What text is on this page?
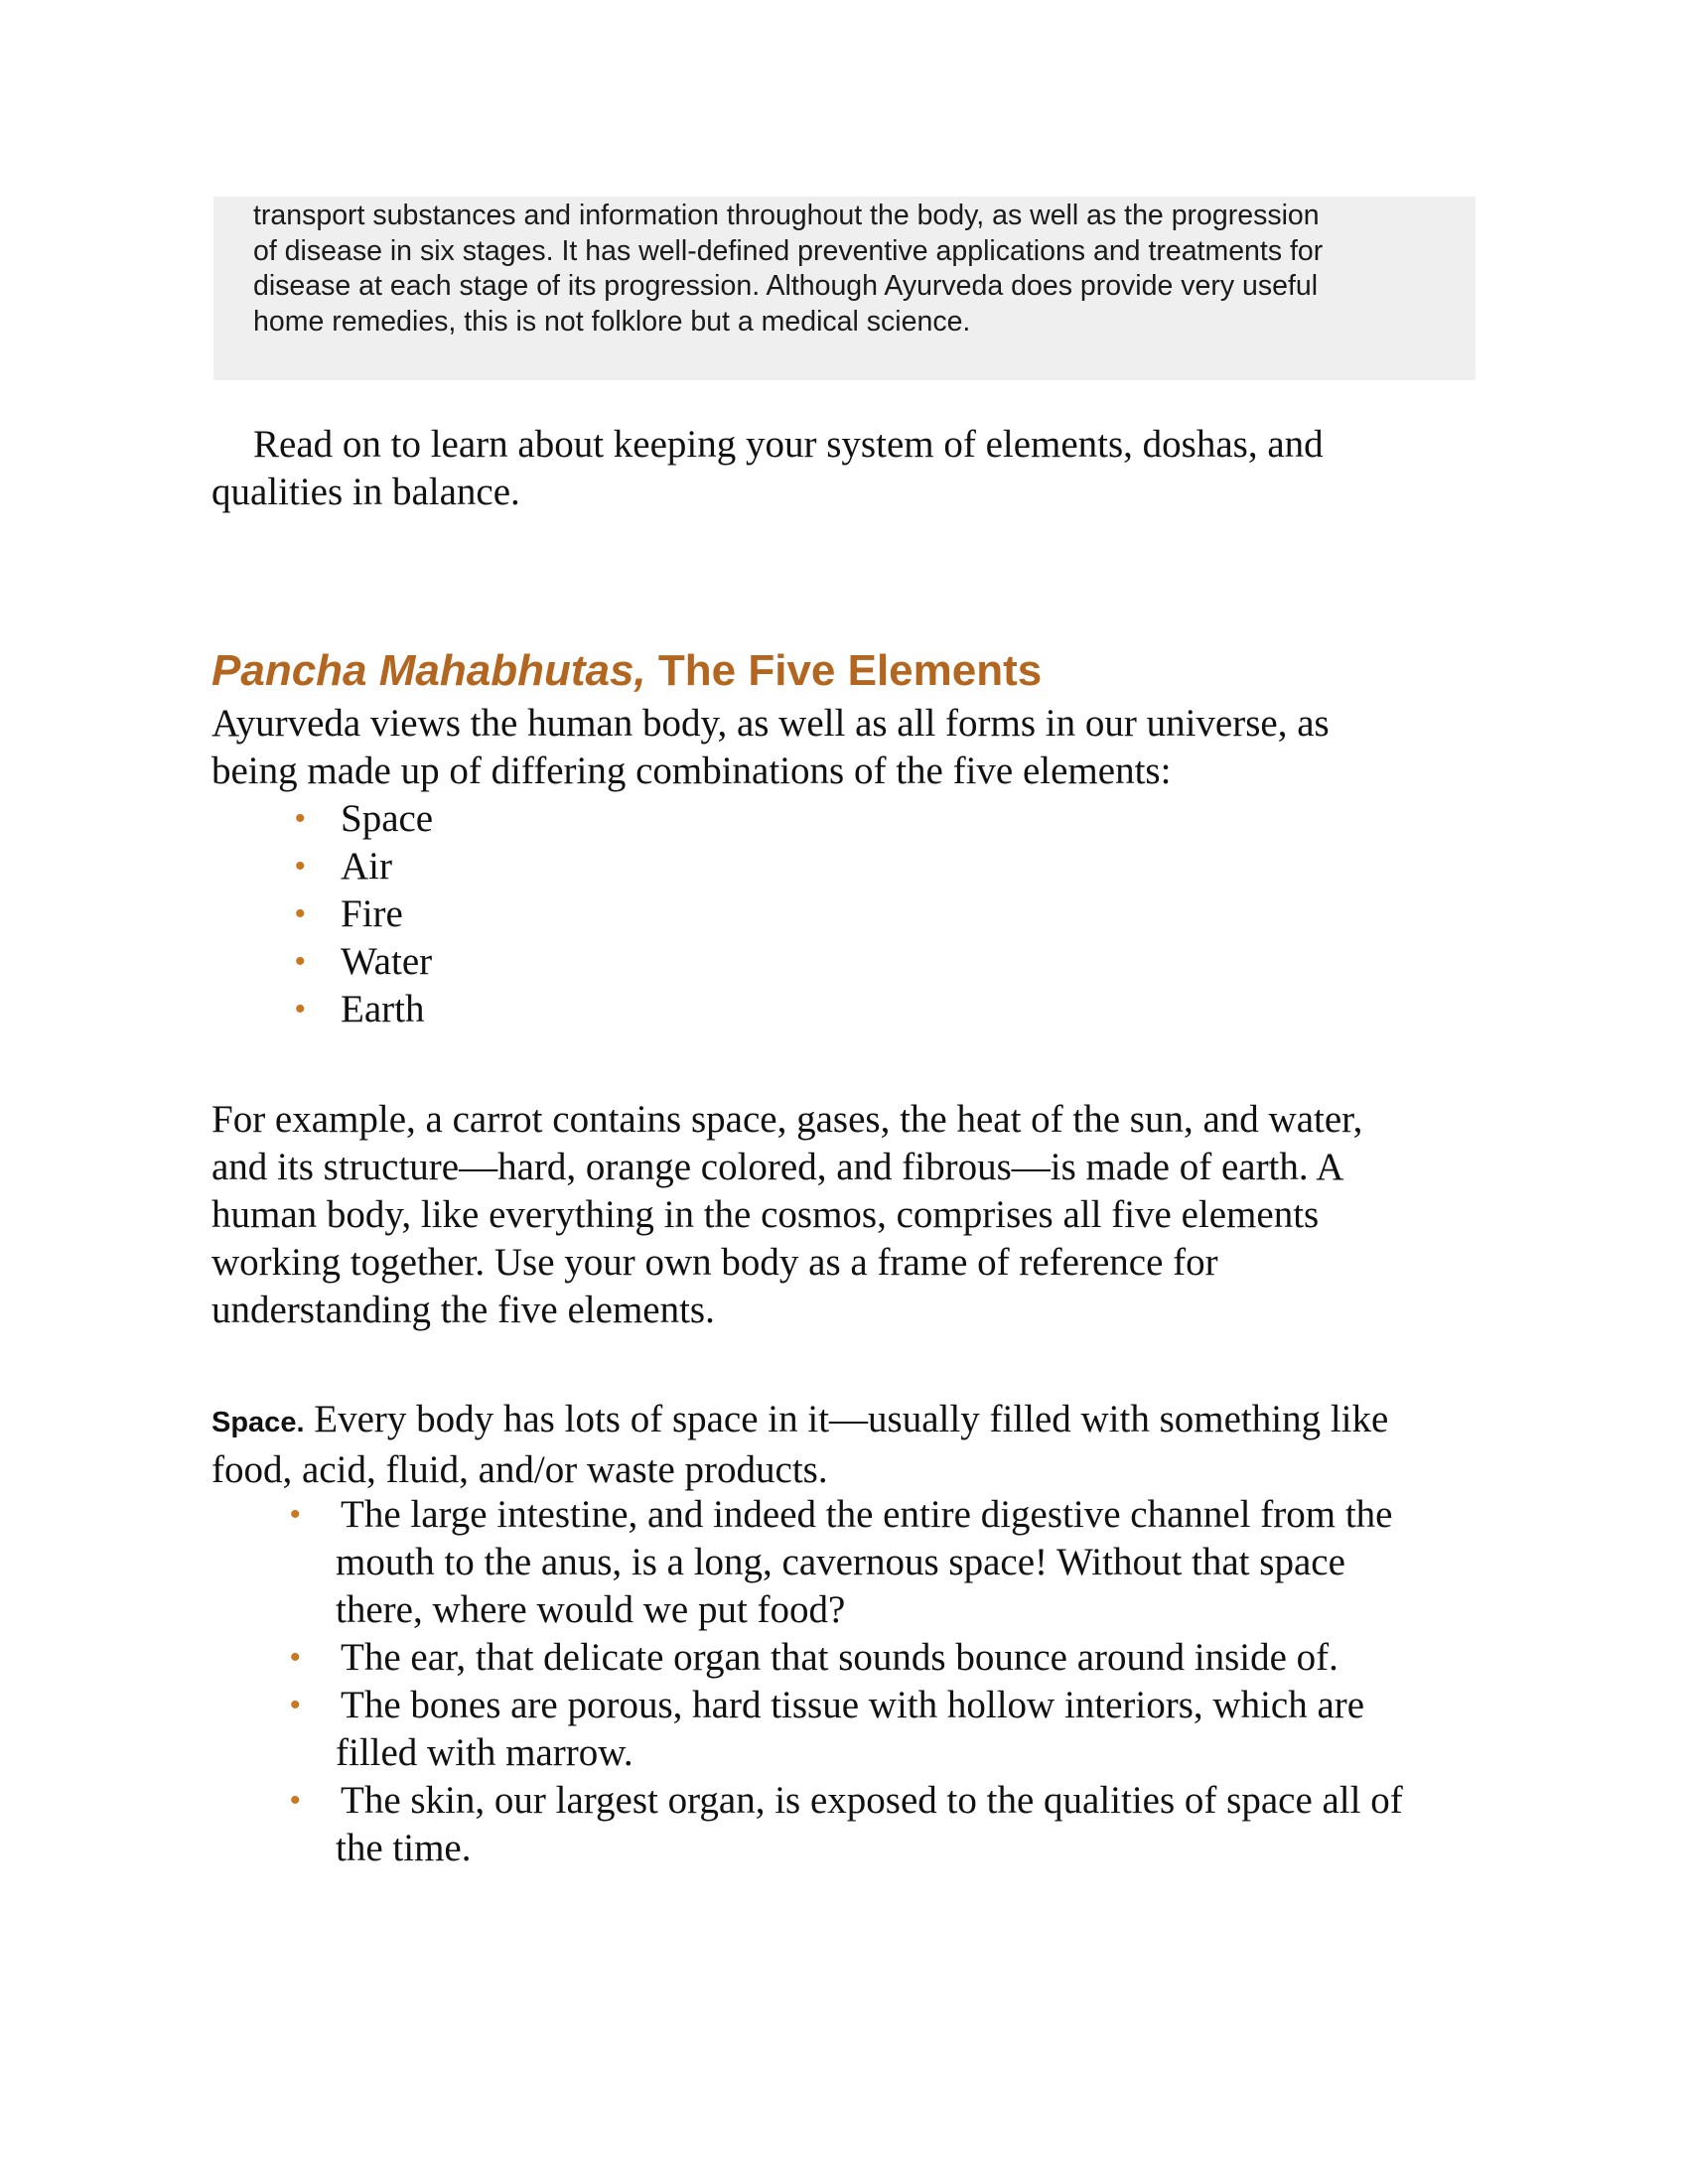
transport substances and information throughout the body, as well as the progression
of disease in six stages. It has well-defined preventive applications and treatments for
disease at each stage of its progression. Although Ayurveda does provide very useful
home remedies, this is not folklore but a medical science.

Read on to learn about keeping your system of elements, doshas, and
qualities in balance.

Pancha Mahabhutas, The Five Elements

Ayurveda views the human body, as well as all forms in our universe, as
being made up of differing combinations of the five elements:

• Space
• Air
• Fire
• Water
• Earth

For example, a carrot contains space, gases, the heat of the sun, and water,
and its structure—hard, orange colored, and fibrous—is made of earth. A
human body, like everything in the cosmos, comprises all five elements
working together. Use your own body as a frame of reference for
understanding the five elements.

Space. Every body has lots of space in it—usually filled with something like
food, acid, fluid, and/or waste products.

• The large intestine, and indeed the entire digestive channel from the
mouth to the anus, is a long, cavernous space! Without that space
there, where would we put food?
• The ear, that delicate organ that sounds bounce around inside of.
• The bones are porous, hard tissue with hollow interiors, which are
filled with marrow.
• The skin, our largest organ, is exposed to the qualities of space all of
the time.
